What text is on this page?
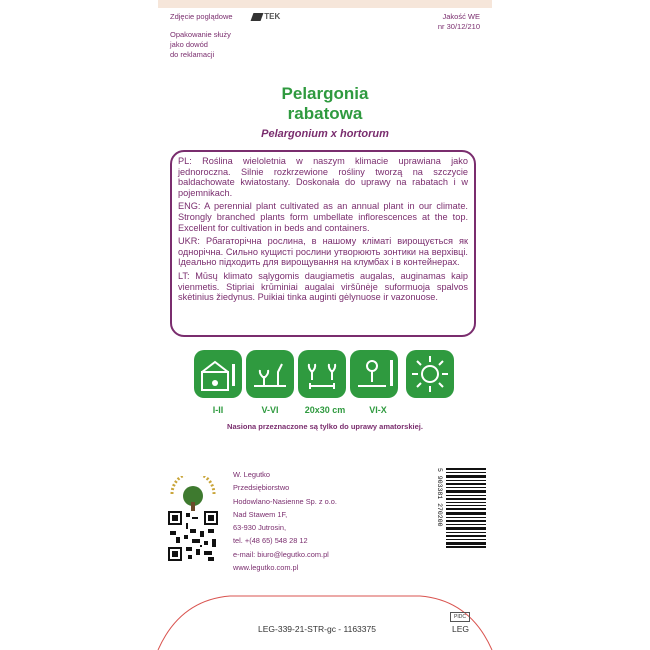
Zdjęcie poglądowe	TEK	Jakość WE
nr 30/12/210
Opakowanie służy
jako dowód
do reklamacji
Pelargonia
rabatowa
Pelargonium x hortorum

PL: Roślina wieloletnia w naszym klimacie uprawiana jako jednoroczna. Silnie rozkrzewione rośliny tworzą na szczycie baldachowate kwiatostany. Doskonała do uprawy na rabatach i w pojemnikach.

ENG: A perennial plant cultivated as an annual plant in our climate. Strongly branched plants form umbellate inflorescences at the top. Excellent for cultivation in beds and containers.

UKR: Рбагаторічна рослина, в нашому кліматі вирощується як однорічна. Сильно кущисті рослини утворюють зонтики на верхівці. Ідеально підходить для вирощування на клумбах і в контейнерах.

LT: Mūsų klimato sąlygomis daugiametis augalas, auginamas kaip vienmetis. Stipriai krūminiai augalai viršūnėje suformuoja spalvos skėtinius žiedynus. Puikiai tinka auginti gėlynuose ir vazonuose.

I-II	V-VI	20x30 cm	VI-X
Nasiona przeznaczone są tylko do uprawy amatorskiej.
W. Legutko
Przedsiębiorstwo
Hodowlano-Nasienne Sp. z o.o.
Nad Stawem 1F,
63-930 Jutrosin,
tel. +(48 65) 548 28 12
e-mail: biuro@legutko.com.pl
www.legutko.com.pl
5 903381 270200
LEG-339-21-STR-gc - 1163375
PIDC
LEG
